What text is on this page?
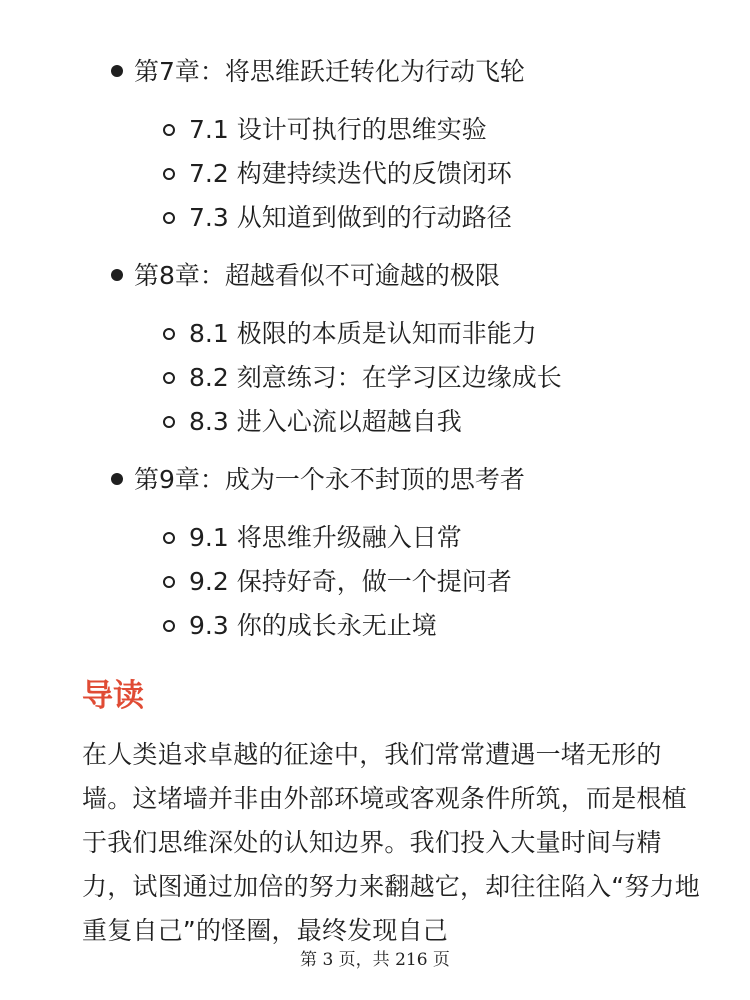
第7章：将思维跃迁转化为行动飞轮
7.1 设计可执行的思维实验
7.2 构建持续迭代的反馈闭环
7.3 从知道到做到的行动路径
第8章：超越看似不可逾越的极限
8.1 极限的本质是认知而非能力
8.2 刻意练习：在学习区边缘成长
8.3 进入心流以超越自我
第9章：成为一个永不封顶的思考者
9.1 将思维升级融入日常
9.2 保持好奇，做一个提问者
9.3 你的成长永无止境
导读

在人类追求卓越的征途中，我们常常遭遇一堵无形的墙。这堵墙并非由外部环境或客观条件所筑，而是根植于我们思维深处的认知边界。我们投入大量时间与精力，试图通过加倍的努力来翻越它，却往往陷入“努力地重复自己”的怪圈，最终发现自己

第 3 页，共 216 页
